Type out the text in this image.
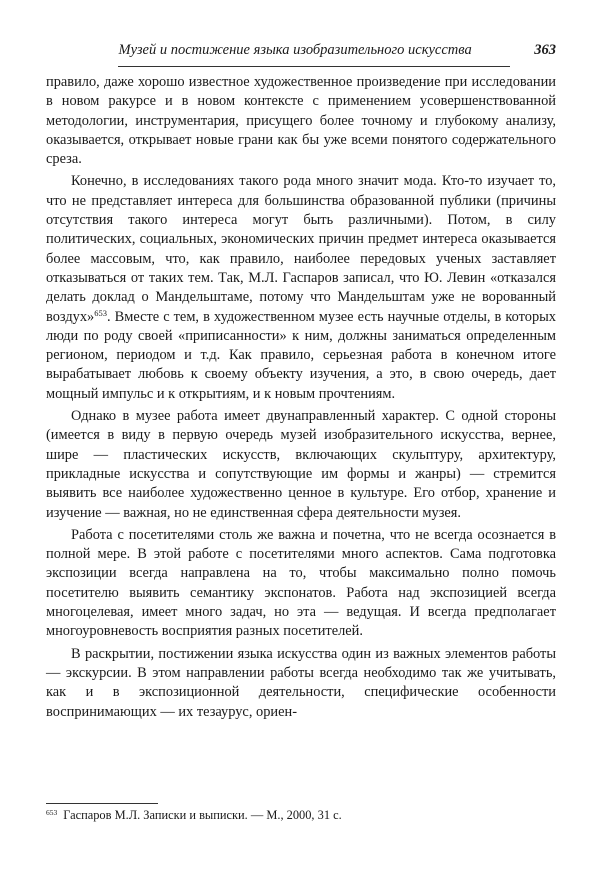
Музей и постижение языка изобразительного искусства	363

правило, даже хорошо известное художественное произведение при исследовании в новом ракурсе и в новом контексте с применением усовершенствованной методологии, инструментария, присущего более точному и глубокому анализу, оказывается, открывает новые грани как бы уже всеми понятого содержательного среза.

Конечно, в исследованиях такого рода много значит мода. Кто-то изучает то, что не представляет интереса для большинства образованной публики (причины отсутствия такого интереса могут быть различными). Потом, в силу политических, социальных, экономических причин предмет интереса оказывается более массовым, что, как правило, наиболее передовых ученых заставляет отказываться от таких тем. Так, М.Л. Гаспаров записал, что Ю. Левин «отказался делать доклад о Мандельштаме, потому что Мандельштам уже не ворованный воздух»$^{653}$. Вместе с тем, в художественном музее есть научные отделы, в которых люди по роду своей «приписанности» к ним, должны заниматься определенным регионом, периодом и т.д. Как правило, серьезная работа в конечном итоге вырабатывает любовь к своему объекту изучения, а это, в свою очередь, дает мощный импульс и к открытиям, и к новым прочтениям.

Однако в музее работа имеет двунаправленный характер. С одной стороны (имеется в виду в первую очередь музей изобразительного искусства, вернее, шире — пластических искусств, включающих скульптуру, архитектуру, прикладные искусства и сопутствующие им формы и жанры) — стремится выявить все наиболее художественно ценное в культуре. Его отбор, хранение и изучение — важная, но не единственная сфера деятельности музея.

Работа с посетителями столь же важна и почетна, что не всегда осознается в полной мере. В этой работе с посетителями много аспектов. Сама подготовка экспозиции всегда направлена на то, чтобы максимально полно помочь посетителю выявить семантику экспонатов. Работа над экспозицией всегда многоцелевая, имеет много задач, но эта — ведущая. И всегда предполагает многоуровневость восприятия разных посетителей.

В раскрытии, постижении языка искусства один из важных элементов работы — экскурсии. В этом направлении работы всегда необходимо так же учитывать, как и в экспозиционной деятельности, специфические особенности воспринимающих — их тезаурус, ориен-

$^{653}$ Гаспаров М.Л. Записки и выписки. — М., 2000, 31 с.
